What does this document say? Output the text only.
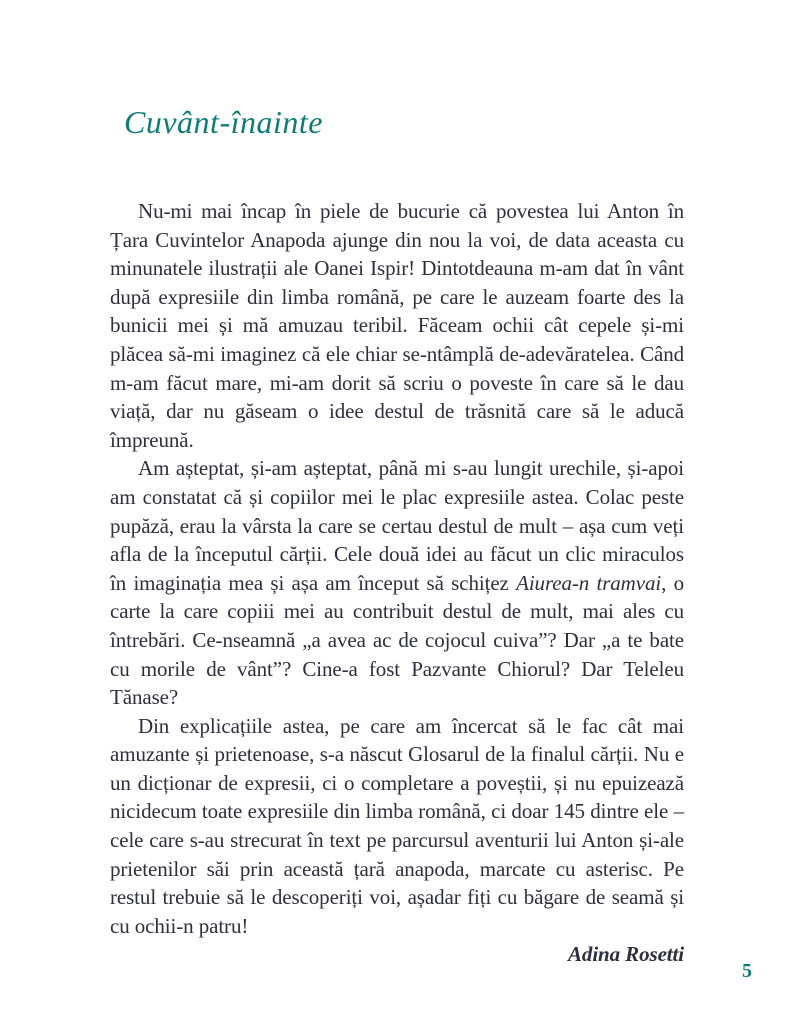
Cuvânt-înainte

Nu-mi mai încap în piele de bucurie că povestea lui Anton în Țara Cuvintelor Anapoda ajunge din nou la voi, de data aceasta cu minunatele ilustrații ale Oanei Ispir! Dintotdeauna m-am dat în vânt după expresiile din limba română, pe care le auzeam foarte des la bunicii mei și mă amuzau teribil. Făceam ochii cât cepele și-mi plăcea să-mi imaginez că ele chiar se-ntâmplă de-adevăratelea. Când m-am făcut mare, mi-am dorit să scriu o poveste în care să le dau viață, dar nu găseam o idee destul de trăsnită care să le aducă împreună.

Am așteptat, și-am așteptat, până mi s-au lungit urechile, și-apoi am constatat că și copiilor mei le plac expresiile astea. Colac peste pupăză, erau la vârsta la care se certau destul de mult – așa cum veți afla de la începutul cărții. Cele două idei au făcut un clic miraculos în imaginația mea și așa am început să schițez Aiurea-n tramvai, o carte la care copiii mei au contribuit destul de mult, mai ales cu întrebări. Ce-nseamnă „a avea ac de cojocul cuiva”? Dar „a te bate cu morile de vânt”? Cine-a fost Pazvante Chiorul? Dar Teleleu Tănase?

Din explicațiile astea, pe care am încercat să le fac cât mai amuzante și prietenoase, s-a născut Glosarul de la finalul cărții. Nu e un dicționar de expresii, ci o completare a poveștii, și nu epuizează nicidecum toate expresiile din limba română, ci doar 145 dintre ele – cele care s-au strecurat în text pe parcursul aventurii lui Anton și-ale prietenilor săi prin această țară anapoda, marcate cu asterisc. Pe restul trebuie să le descoperiți voi, așadar fiți cu băgare de seamă și cu ochii-n patru!

Adina Rosetti

5
